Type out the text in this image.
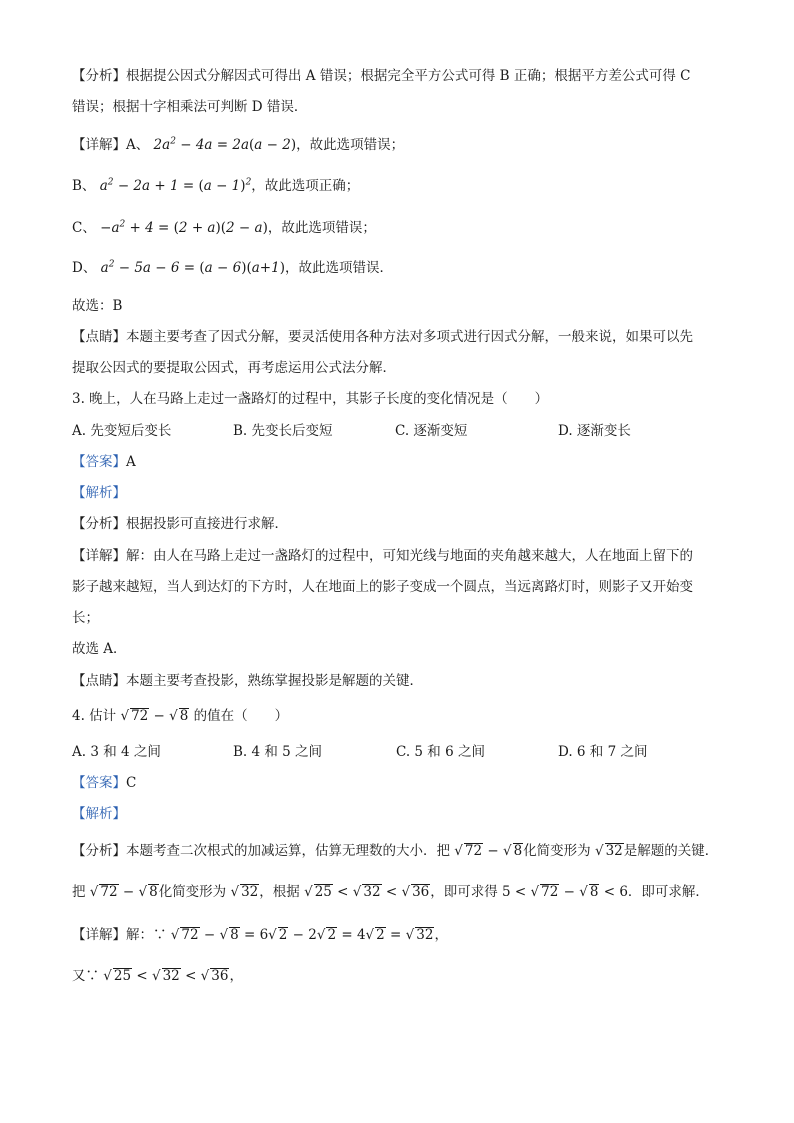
【分析】根据提公因式分解因式可得出 A 错误；根据完全平方公式可得 B 正确；根据平方差公式可得 C
错误；根据十字相乘法可判断 D 错误．
【详解】A、 $2a^2 - 4a = 2a(a - 2)$，故此选项错误；
B、 $a^2 - 2a + 1 = (a - 1)^2$，故此选项正确；
C、 $-a^2 + 4 = (2 + a)(2 - a)$，故此选项错误；
D、 $a^2 - 5a - 6 = (a - 6)(a+1)$，故此选项错误．
故选：B
【点睛】本题主要考查了因式分解，要灵活使用各种方法对多项式进行因式分解，一般来说，如果可以先
提取公因式的要提取公因式，再考虑运用公式法分解．
3. 晚上，人在马路上走过一盏路灯的过程中，其影子长度的变化情况是（　　）
A. 先变短后变长	B. 先变长后变短	C. 逐渐变短	D. 逐渐变长
【答案】A
【解析】
【分析】根据投影可直接进行求解．
【详解】解：由人在马路上走过一盏路灯的过程中，可知光线与地面的夹角越来越大，人在地面上留下的
影子越来越短，当人到达灯的下方时，人在地面上的影子变成一个圆点，当远离路灯时，则影子又开始变
长；
故选 A．
【点睛】本题主要考查投影，熟练掌握投影是解题的关键．
4. 估计 √ 72 − √ 8 的值在（　　）
A. 3 和 4 之间	B. 4 和 5 之间	C. 5 和 6 之间	D. 6 和 7 之间
【答案】C
【解析】
【分析】本题考查二次根式的加减运算，估算无理数的大小．把 √ 72 − √ 8化简变形为 √ 32是解题的关键．
把 √ 72 − √ 8化简变形为 √ 32，根据 √ 25 < √ 32 < √ 36，即可求得 5 < √ 72 − √ 8 < 6．即可求解．
【详解】解：∵ √ 72 − √ 8 = 6√ 2 − 2√ 2 = 4√ 2 = √ 32，
又∵ √ 25 < √ 32 < √ 36，
